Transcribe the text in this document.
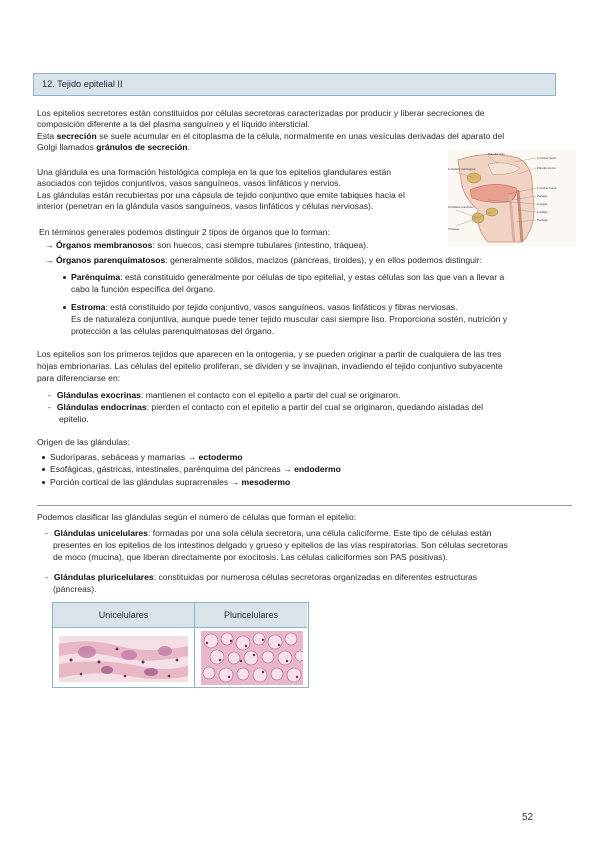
12. Tejido epitelial II

Los epitelios secretores están constituidos por células secretoras caracterizadas por producir y liberar secreciones de

composición diferente a la del plasma sanguíneo y el líquido intersticial.

Esta secreción se suele acumular en el citoplasma de la célula, normalmente en unas vesículas derivadas del aparato del

Golgi llamados gránulos de secreción.

Una glándula es una formación histológica compleja en la que los epitelios glandulares están

asociados con tejidos conjuntivos, vasos sanguíneos, vasos linfáticos y nervios.

Las glándulas están recubiertas por una cápsula de tejido conjuntivo que emite tabiques hacia el

interior (penetran en la glándula vasos sanguíneos, vasos linfáticos y células nerviosas).

Paladar duro
Cavidad nasal
Paladar suave
Glándula sublingual
Cavidad bucal
Glándula parótida
Faringe
Lengua
Laringe
Esófago
Tráquea

En términos generales podemos distinguir 2 tipos de órganos que lo forman:

→ Órganos membranosos: son huecos, casi siempre tubulares (intestino, tráquea).

→ Órganos parenquimatosos: generalmente sólidos, macizos (páncreas, tiroides), y en ellos podemos distinguir:

Parénquima: está constituido generalmente por células de tipo epitelial, y estas células son las que van a llevar a

cabo la función específica del órgano.

Estroma: está constituido por tejido conjuntivo, vasos sanguíneos, vasos linfáticos y fibras nerviosas.

Es de naturaleza conjuntiva, aunque puede tener tejido muscular casi siempre liso. Proporciona sostén, nutrición y

protección a las células parenquimatosas del órgano.

Los epitelios son los primeros tejidos que aparecen en la ontogenia, y se pueden originar a partir de cualquiera de las tres

hojas embrionarias. Las células del epitelio proliferan, se dividen y se invajinan, invadiendo el tejido conjuntivo subyacente

para diferenciarse en:

- Glándulas exocrinas: mantienen el contacto con el epitelio a partir del cual se originaron.

- Glándulas endocrinas: pierden el contacto con el epitelio a partir del cual se originaron, quedando aisladas del

epitelio.

Origen de las glándulas:

Sudoríparas, sebáceas y mamarias → ectodermo

Esofágicas, gástricas, intestinales, parénquima del páncreas → endodermo

Porción cortical de las glándulas suprarrenales → mesodermo

Podemos clasificar las glándulas según el número de células que forman el epitelio:

- Glándulas unicelulares: formadas por una sola célula secretora, una célula caliciforme. Este tipo de células están

presentes en los epitelios de los intestinos delgado y grueso y epitelios de las vías respiratorias. Son células secretoras

de moco (mucina), que liberan directamente por exocitosis. Las células caliciformes son PAS positivas).

- Glándulas pluricelulares: constituidas por numerosa células secretoras organizadas en diferentes estructuras

(páncreas).

Unicelulares	Pluricelulares
52
